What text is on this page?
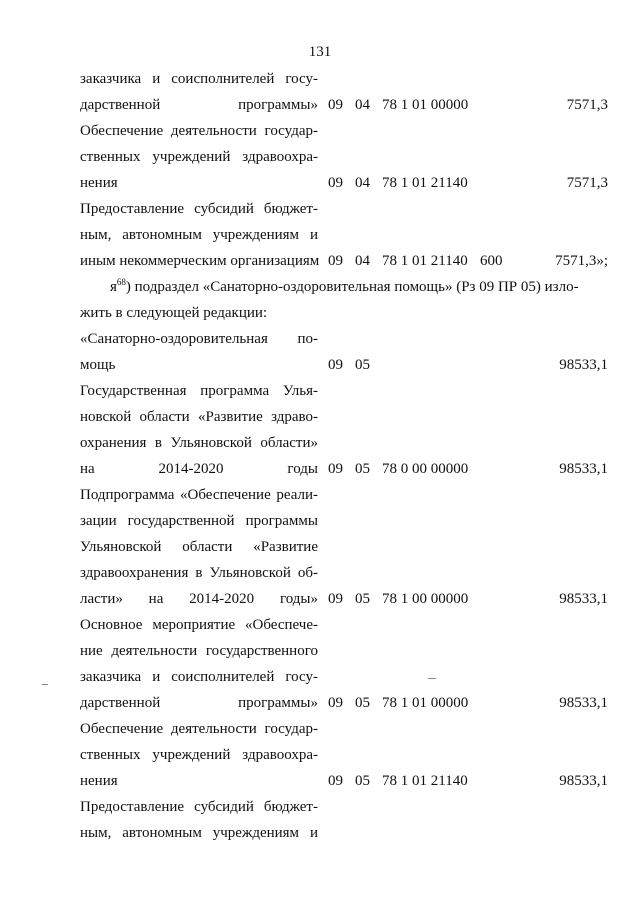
131
заказчика и соисполнителей госу-
дарственной программы» 09 04 78 1 01 00000	7571,3
Обеспечение деятельности государ-
ственных учреждений здравоохра-
нения	09 04 78 1 01 21140	7571,3
Предоставление субсидий бюджет-
ным, автономным учреждениям и
иным некоммерческим организациям 09 04 78 1 01 21140 600	7571,3»;
«Санаторно-оздоровительная по-
мощь	09 05	98533,1
Государственная программа Улья-
новской области «Развитие здраво-
охранения в Ульяновской области»
на 2014-2020 годы 09 05 78 0 00 00000	98533,1
Подпрограмма «Обеспечение реали-
зации государственной программы
Ульяновской области «Развитие
здравоохранения в Ульяновской об-
ласти» на 2014-2020 годы» 09 05 78 1 00 00000	98533,1
Основное мероприятие «Обеспече-
ние деятельности государственного
заказчика и соисполнителей госу-
дарственной программы» 09 05 78 1 01 00000	98533,1
Обеспечение деятельности государ-
ственных учреждений здравоохра-
нения	09 05 78 1 01 21140	98533,1
Предоставление субсидий бюджет-
ным, автономным учреждениям и
$я^{68}$) подраздел «Санаторно-оздоровительная помощь» (Рз 09 ПР 05) изло-
жить в следующей редакции:
